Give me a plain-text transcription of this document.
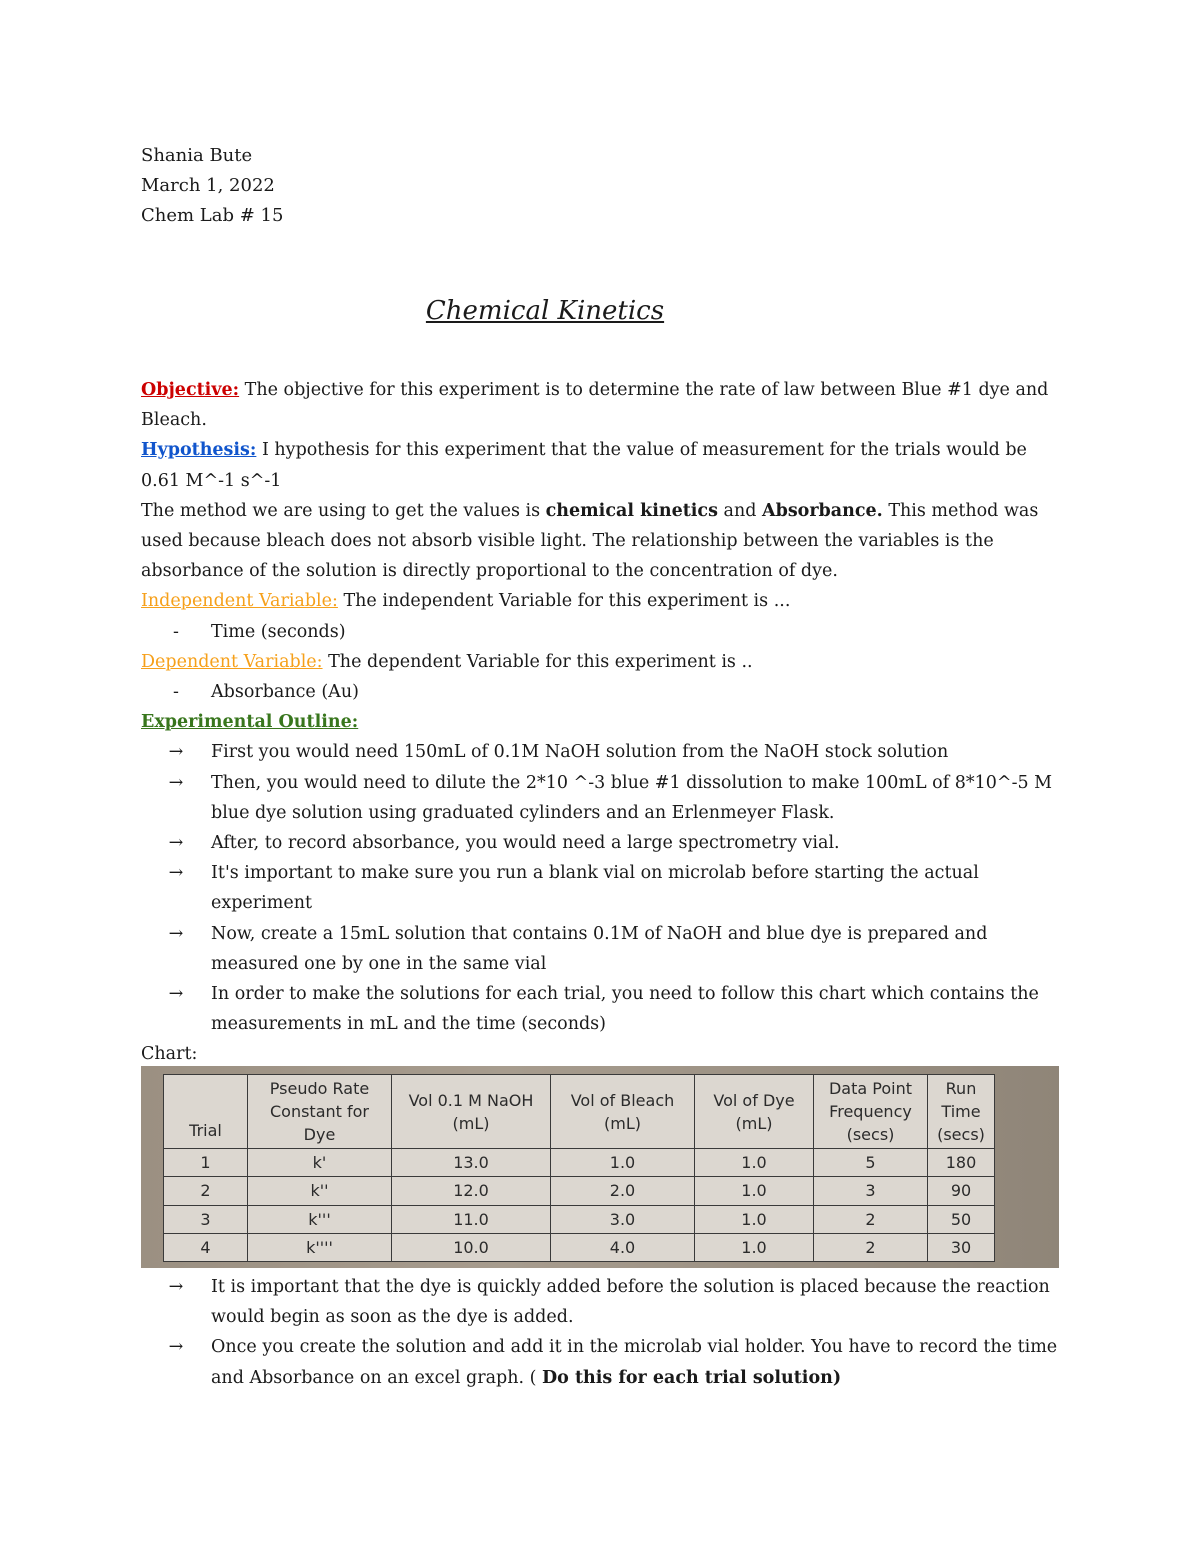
Shania Bute
March 1, 2022
Chem Lab # 15
Chemical Kinetics
Objective: The objective for this experiment is to determine the rate of law between Blue #1 dye and Bleach.
Hypothesis: I hypothesis for this experiment that the value of measurement for the trials would be 0.61 M^-1 s^-1
The method we are using to get the values is chemical kinetics and Absorbance. This method was used because bleach does not absorb visible light. The relationship between the variables is the absorbance of the solution is directly proportional to the concentration of dye.
Independent Variable: The independent Variable for this experiment is ...
-	Time (seconds)
Dependent Variable: The dependent Variable for this experiment is ..
-	Absorbance (Au)
Experimental Outline:
→	First you would need 150mL of 0.1M NaOH solution from the NaOH stock solution
→	Then, you would need to dilute the 2*10 ^-3 blue #1 dissolution to make 100mL of 8*10^-5 M blue dye solution using graduated cylinders and an Erlenmeyer Flask.
→	After, to record absorbance, you would need a large spectrometry vial.
→	It's important to make sure you run a blank vial on microlab before starting the actual experiment
→	Now, create a 15mL solution that contains 0.1M of NaOH and blue dye is prepared and measured one by one in the same vial
→	In order to make the solutions for each trial, you need to follow this chart which contains the measurements in mL and the time (seconds)
Chart:
Trial	Pseudo Rate Constant for Dye	Vol 0.1 M NaOH (mL)	Vol of Bleach (mL)	Vol of Dye (mL)	Data Point Frequency (secs)	Run Time (secs)
1	k'	13.0	1.0	1.0	5	180
2	k''	12.0	2.0	1.0	3	90
3	k'''	11.0	3.0	1.0	2	50
4	k''''	10.0	4.0	1.0	2	30
→	It is important that the dye is quickly added before the solution is placed because the reaction would begin as soon as the dye is added.
→	Once you create the solution and add it in the microlab vial holder. You have to record the time and Absorbance on an excel graph. ( Do this for each trial solution)
